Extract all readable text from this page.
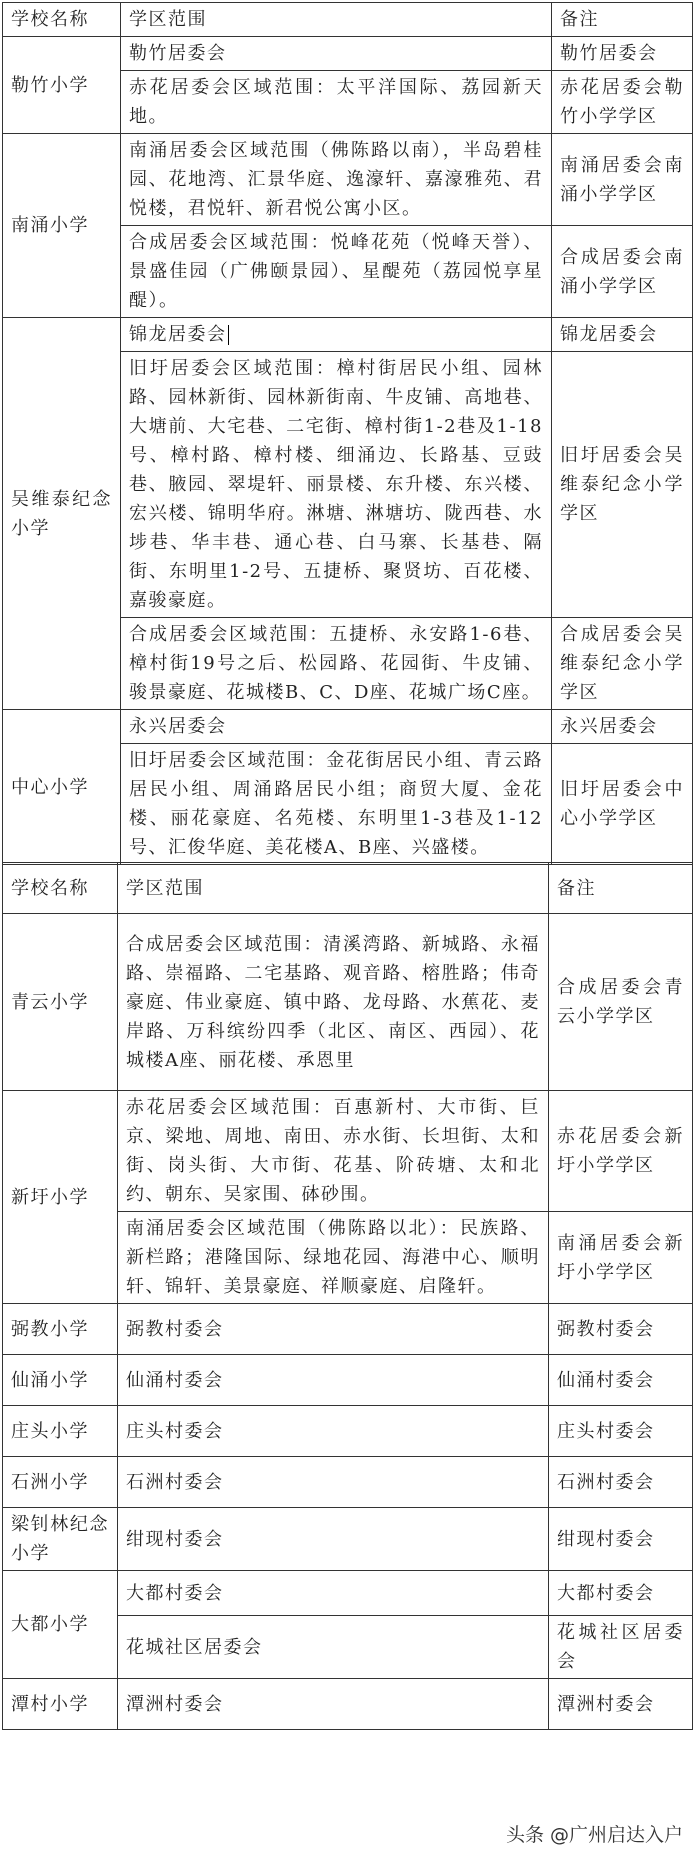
学校名称	学区范围	备注
勒竹小学	勒竹居委会	勒竹居委会
	赤花居委会区域范围：太平洋国际、荔园新天地。	赤花居委会勒竹小学学区
南涌小学	南涌居委会区域范围（佛陈路以南），半岛碧桂园、花地湾、汇景华庭、逸濠轩、嘉濠雅苑、君悦楼，君悦轩、新君悦公寓小区。	南涌居委会南涌小学学区
	合成居委会区域范围：悦峰花苑（悦峰天誉）、景盛佳园（广佛颐景园）、星醍苑（荔园悦享星醍）。	合成居委会南涌小学学区
吴维泰纪念小学	锦龙居委会	锦龙居委会
	旧圩居委会区域范围：樟村街居民小组、园林路、园林新街、园林新街南、牛皮铺、高地巷、大塘前、大宅巷、二宅街、樟村街1-2巷及1-18号、樟村路、樟村楼、细涌边、长路基、豆豉巷、腋园、翠堤轩、丽景楼、东升楼、东兴楼、宏兴楼、锦明华府。淋塘、淋塘坊、陇西巷、水埗巷、华丰巷、通心巷、白马寨、长基巷、隔街、东明里1-2号、五捷桥、聚贤坊、百花楼、嘉骏豪庭。	旧圩居委会吴维泰纪念小学学区
	合成居委会区域范围：五捷桥、永安路1-6巷、樟村街19号之后、松园路、花园街、牛皮铺、骏景豪庭、花城楼B、C、D座、花城广场C座。	合成居委会吴维泰纪念小学学区
中心小学	永兴居委会	永兴居委会
	旧圩居委会区域范围：金花街居民小组、青云路居民小组、周涌路居民小组；商贸大厦、金花楼、丽花豪庭、名苑楼、东明里1-3巷及1-12号、汇俊华庭、美花楼A、B座、兴盛楼。	旧圩居委会中心小学学区
学校名称	学区范围	备注
青云小学	合成居委会区域范围：清溪湾路、新城路、永福路、崇福路、二宅基路、观音路、榕胜路；伟奇豪庭、伟业豪庭、镇中路、龙母路、水蕉花、麦岸路、万科缤纷四季（北区、南区、西园）、花城楼A座、丽花楼、承恩里	合成居委会青云小学学区
新圩小学	赤花居委会区域范围：百惠新村、大市街、巨京、梁地、周地、南田、赤水街、长坦街、太和街、岗头街、大市街、花基、阶砖塘、太和北约、朝东、吴家围、砵砂围。	赤花居委会新圩小学学区
	南涌居委会区域范围（佛陈路以北）：民族路、新栏路；港隆国际、绿地花园、海港中心、顺明轩、锦轩、美景豪庭、祥顺豪庭、启隆轩。	南涌居委会新圩小学学区
弼教小学	弼教村委会	弼教村委会
仙涌小学	仙涌村委会	仙涌村委会
庄头小学	庄头村委会	庄头村委会
石洲小学	石洲村委会	石洲村委会
梁钊林纪念小学	绀现村委会	绀现村委会
大都小学	大都村委会	大都村委会
	花城社区居委会	花城社区居委会
潭村小学	潭洲村委会	潭洲村委会
头条 @广州启达入户
